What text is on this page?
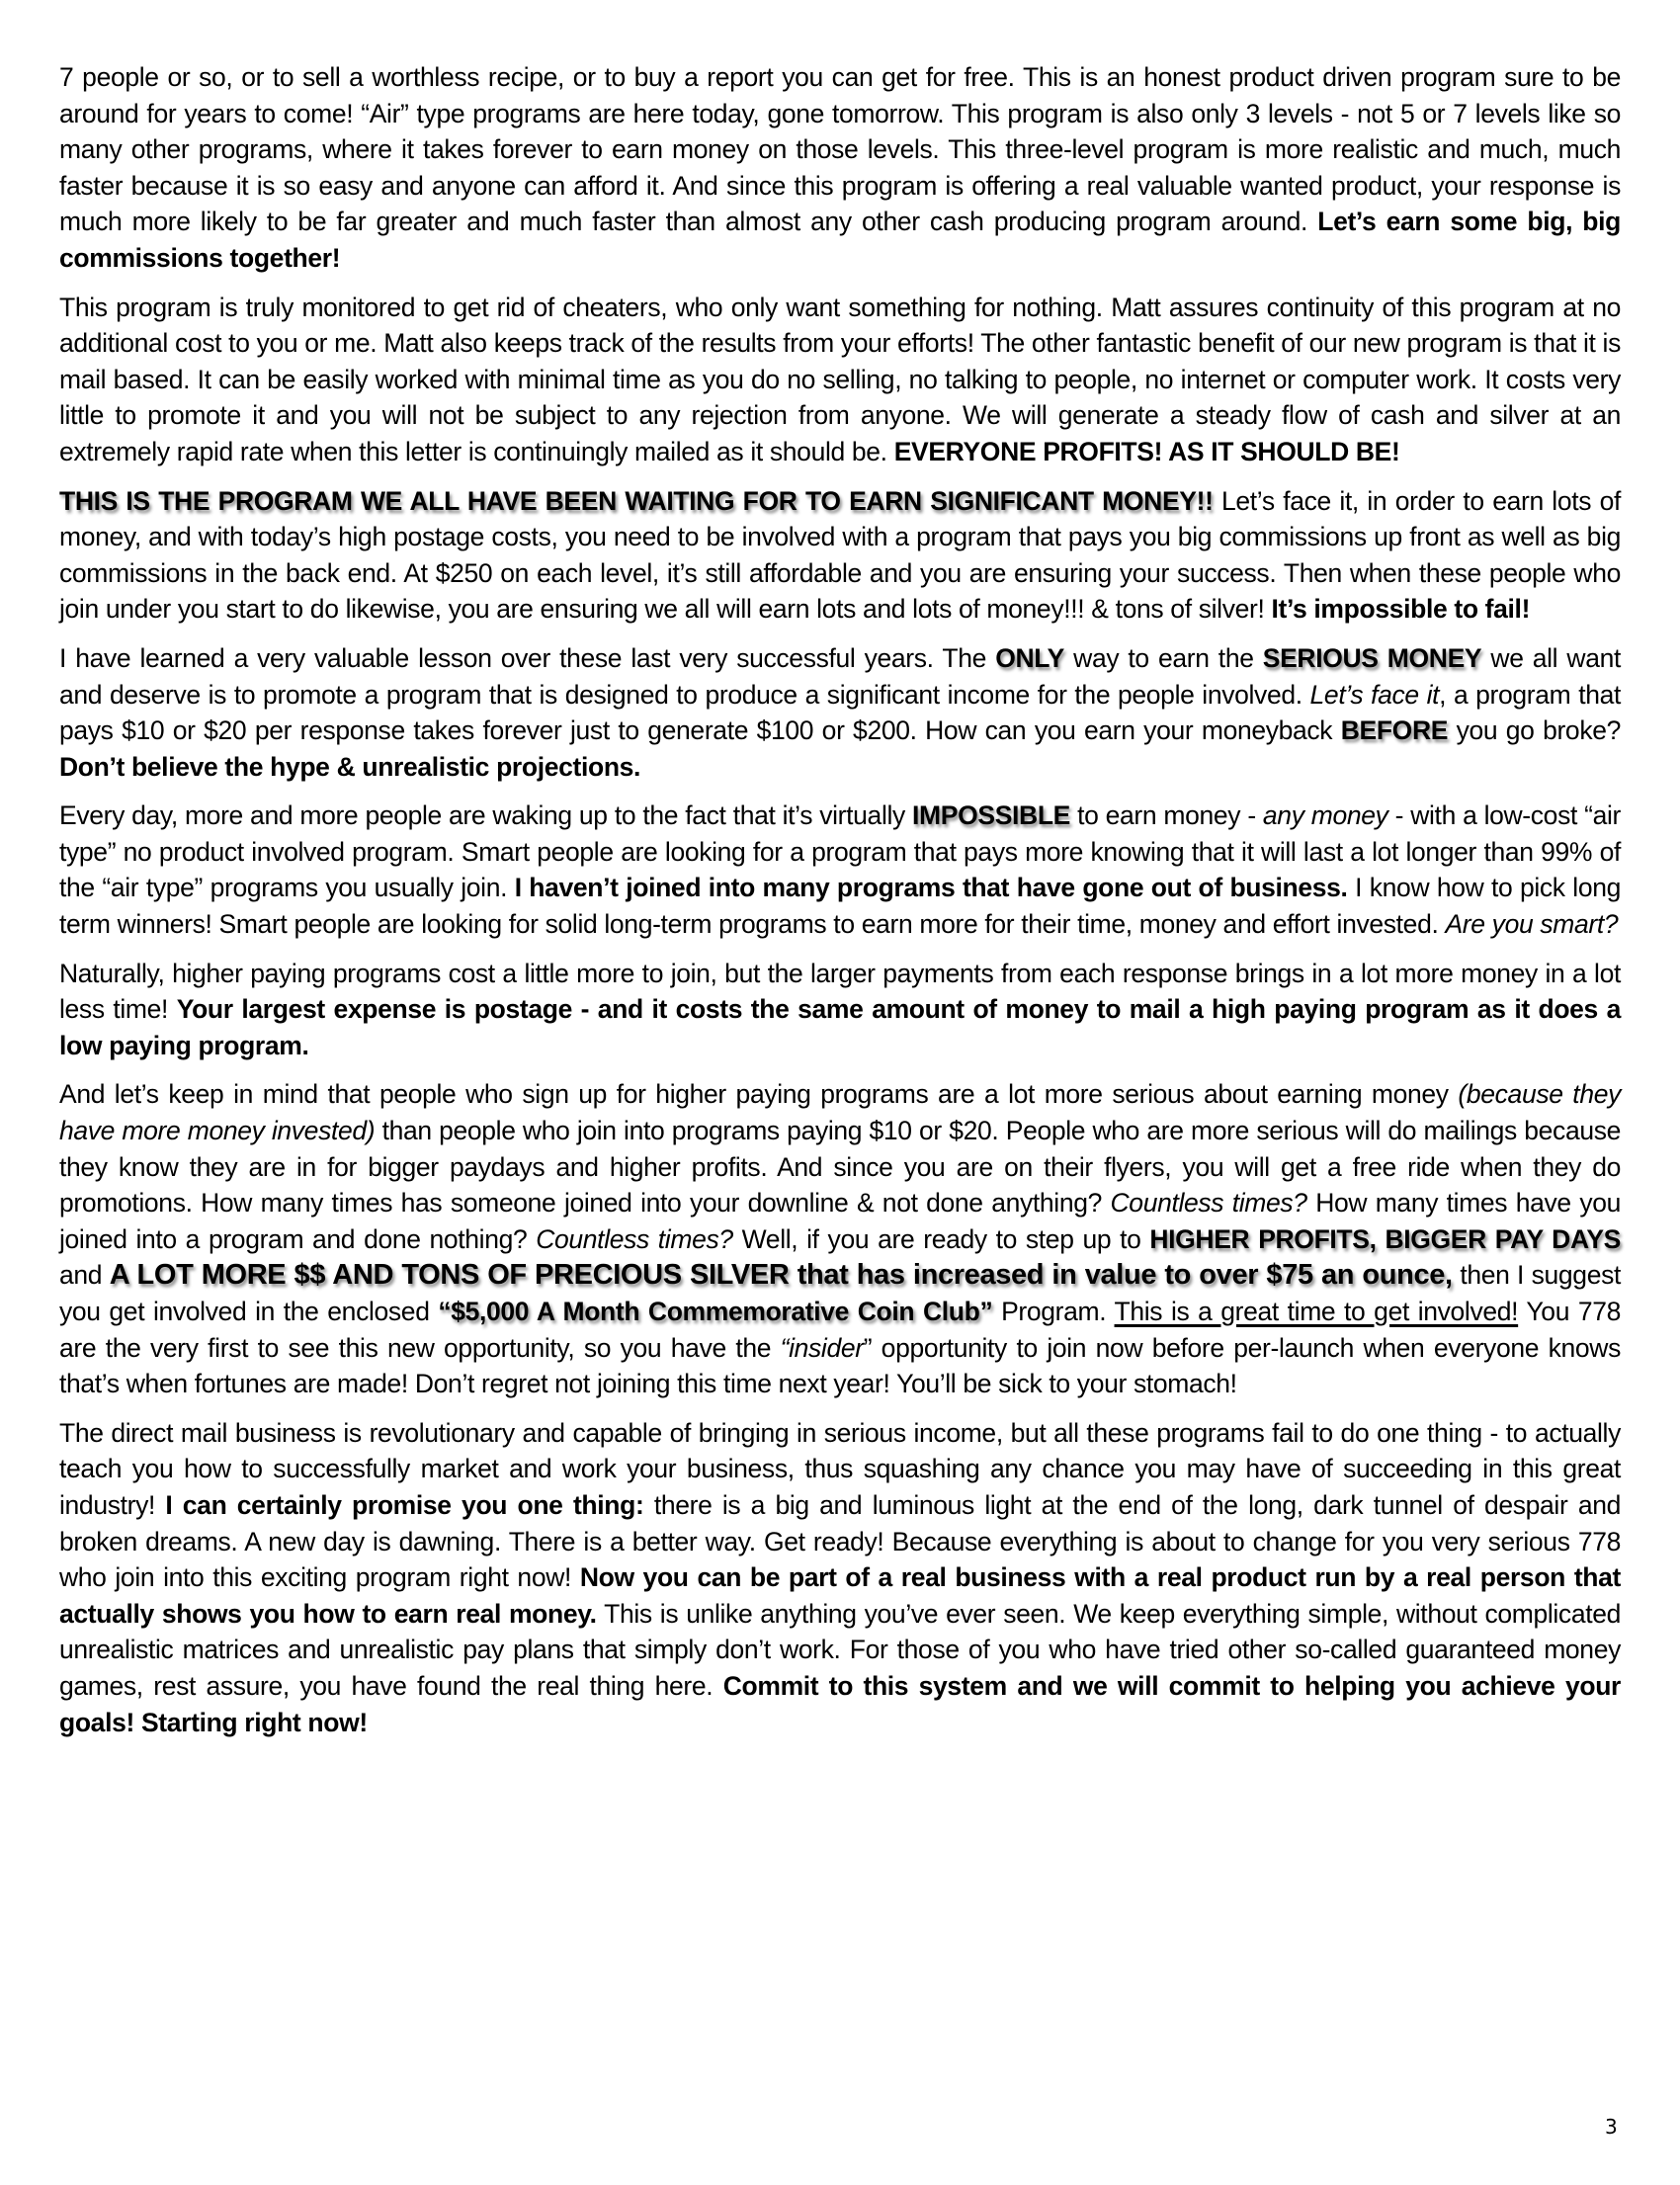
7 people or so, or to sell a worthless recipe, or to buy a report you can get for free. This is an honest product driven program sure to be around for years to come! “Air” type programs are here today, gone tomorrow. This program is also only 3 levels - not 5 or 7 levels like so many other programs, where it takes forever to earn money on those levels. This three-level program is more realistic and much, much faster because it is so easy and anyone can afford it. And since this program is offering a real valuable wanted product, your response is much more likely to be far greater and much faster than almost any other cash producing program around. Let’s earn some big, big commissions together!

This program is truly monitored to get rid of cheaters, who only want something for nothing. Matt assures continuity of this program at no additional cost to you or me. Matt also keeps track of the results from your efforts! The other fantastic benefit of our new program is that it is mail based. It can be easily worked with minimal time as you do no selling, no talking to people, no internet or computer work. It costs very little to promote it and you will not be subject to any rejection from anyone. We will generate a steady flow of cash and silver at an extremely rapid rate when this letter is continuingly mailed as it should be. EVERYONE PROFITS! AS IT SHOULD BE!

THIS IS THE PROGRAM WE ALL HAVE BEEN WAITING FOR TO EARN SIGNIFICANT MONEY!! Let’s face it, in order to earn lots of money, and with today’s high postage costs, you need to be involved with a program that pays you big commissions up front as well as big commissions in the back end. At $250 on each level, it’s still affordable and you are ensuring your success. Then when these people who join under you start to do likewise, you are ensuring we all will earn lots and lots of money!!! & tons of silver! It’s impossible to fail!

I have learned a very valuable lesson over these last very successful years. The ONLY way to earn the SERIOUS MONEY we all want and deserve is to promote a program that is designed to produce a significant income for the people involved. Let’s face it, a program that pays $10 or $20 per response takes forever just to generate $100 or $200. How can you earn your moneyback BEFORE you go broke? Don’t believe the hype & unrealistic projections.

Every day, more and more people are waking up to the fact that it’s virtually IMPOSSIBLE to earn money - any money - with a low-cost “air type” no product involved program. Smart people are looking for a program that pays more knowing that it will last a lot longer than 99% of the “air type” programs you usually join. I haven’t joined into many programs that have gone out of business. I know how to pick long term winners! Smart people are looking for solid long-term programs to earn more for their time, money and effort invested. Are you smart?

Naturally, higher paying programs cost a little more to join, but the larger payments from each response brings in a lot more money in a lot less time! Your largest expense is postage - and it costs the same amount of money to mail a high paying program as it does a low paying program.

And let’s keep in mind that people who sign up for higher paying programs are a lot more serious about earning money (because they have more money invested) than people who join into programs paying $10 or $20. People who are more serious will do mailings because they know they are in for bigger paydays and higher profits. And since you are on their flyers, you will get a free ride when they do promotions. How many times has someone joined into your downline & not done anything? Countless times? How many times have you joined into a program and done nothing? Countless times? Well, if you are ready to step up to HIGHER PROFITS, BIGGER PAY DAYS and A LOT MORE $$ AND TONS OF PRECIOUS SILVER that has increased in value to over $75 an ounce, then I suggest you get involved in the enclosed “$5,000 A Month Commemorative Coin Club” Program. This is a great time to get involved! You 778 are the very first to see this new opportunity, so you have the “insider” opportunity to join now before per-launch when everyone knows that’s when fortunes are made! Don’t regret not joining this time next year! You’ll be sick to your stomach!

The direct mail business is revolutionary and capable of bringing in serious income, but all these programs fail to do one thing - to actually teach you how to successfully market and work your business, thus squashing any chance you may have of succeeding in this great industry! I can certainly promise you one thing: there is a big and luminous light at the end of the long, dark tunnel of despair and broken dreams. A new day is dawning. There is a better way. Get ready! Because everything is about to change for you very serious 778 who join into this exciting program right now! Now you can be part of a real business with a real product run by a real person that actually shows you how to earn real money. This is unlike anything you’ve ever seen. We keep everything simple, without complicated unrealistic matrices and unrealistic pay plans that simply don’t work. For those of you who have tried other so-called guaranteed money games, rest assure, you have found the real thing here. Commit to this system and we will commit to helping you achieve your goals! Starting right now!

3
